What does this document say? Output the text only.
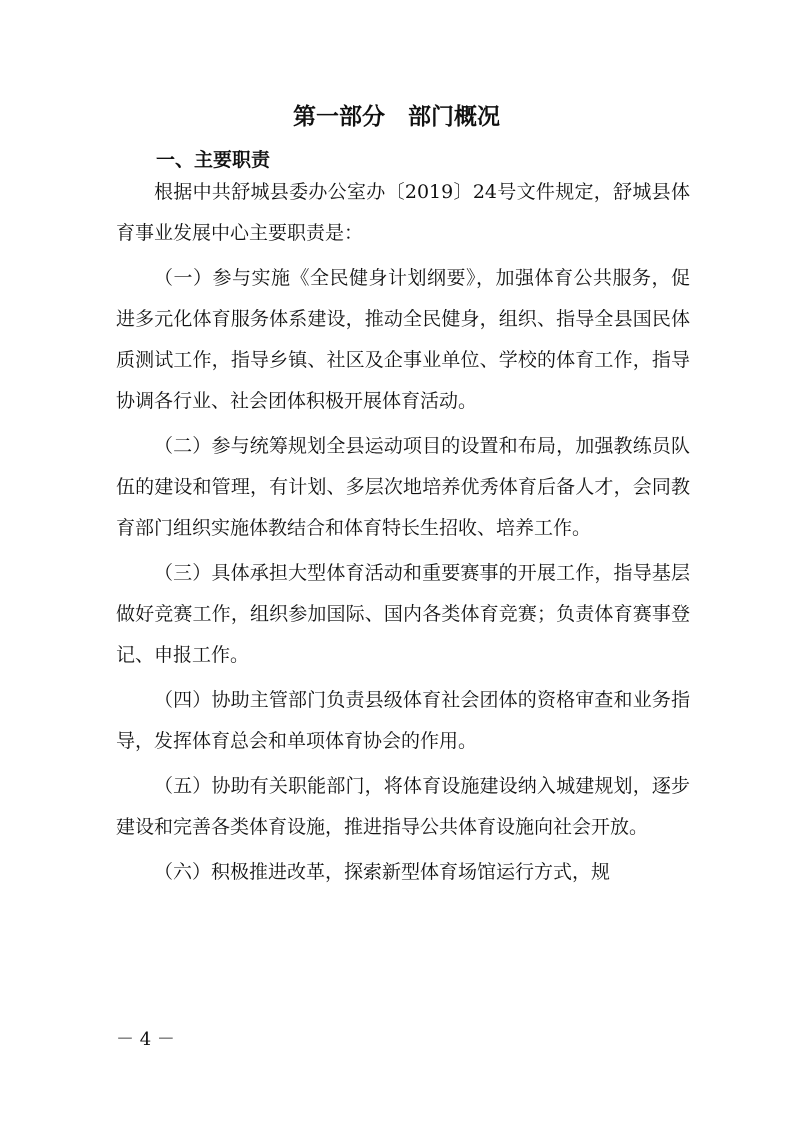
第一部分　部门概况
一、主要职责

根据中共舒城县委办公室办〔2019〕24号文件规定，舒城县体育事业发展中心主要职责是：

（一）参与实施《全民健身计划纲要》，加强体育公共服务，促进多元化体育服务体系建设，推动全民健身，组织、指导全县国民体质测试工作，指导乡镇、社区及企事业单位、学校的体育工作，指导协调各行业、社会团体积极开展体育活动。

（二）参与统筹规划全县运动项目的设置和布局，加强教练员队伍的建设和管理，有计划、多层次地培养优秀体育后备人才，会同教育部门组织实施体教结合和体育特长生招收、培养工作。

（三）具体承担大型体育活动和重要赛事的开展工作，指导基层做好竞赛工作，组织参加国际、国内各类体育竞赛；负责体育赛事登记、申报工作。

（四）协助主管部门负责县级体育社会团体的资格审查和业务指导，发挥体育总会和单项体育协会的作用。

（五）协助有关职能部门，将体育设施建设纳入城建规划，逐步建设和完善各类体育设施，推进指导公共体育设施向社会开放。

（六）积极推进改革，探索新型体育场馆运行方式，规

－ 4 －
